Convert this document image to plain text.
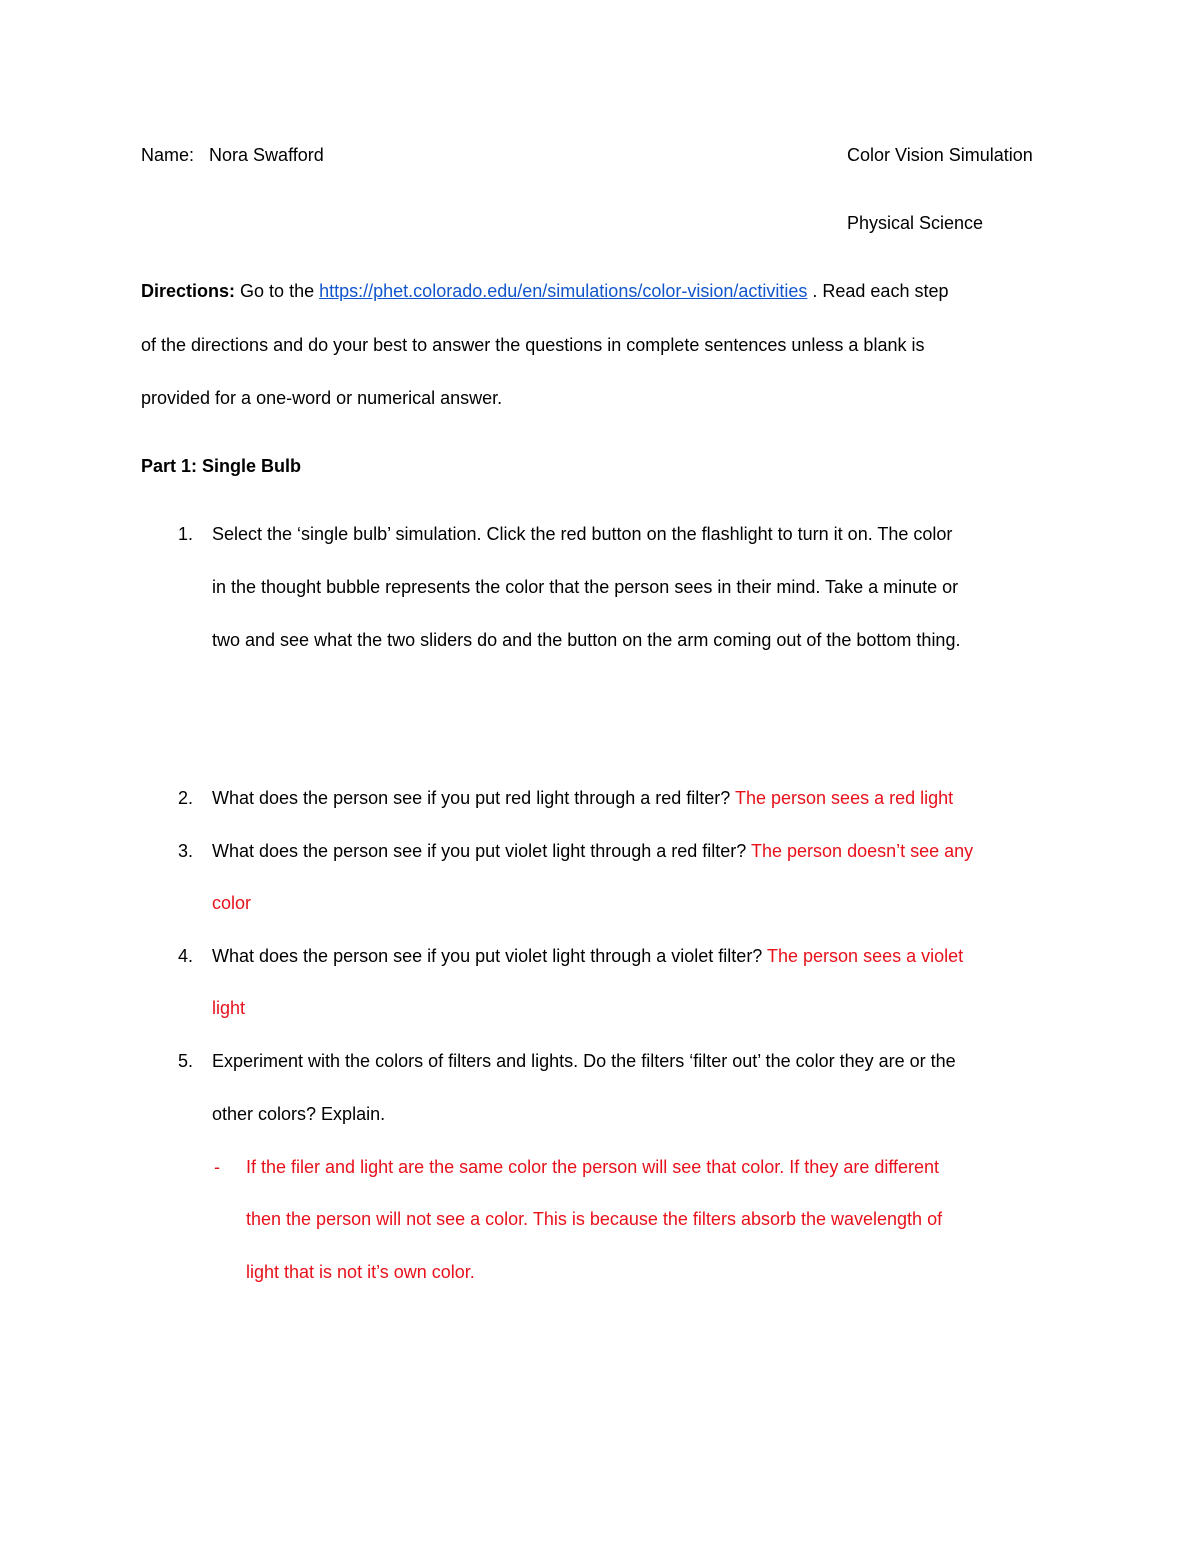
Name: Nora Swafford	Color Vision Simulation
Physical Science
Directions: Go to the https://phet.colorado.edu/en/simulations/color-vision/activities . Read each step
of the directions and do your best to answer the questions in complete sentences unless a blank is
provided for a one-word or numerical answer.
Part 1: Single Bulb
1. Select the ‘single bulb’ simulation. Click the red button on the flashlight to turn it on. The color
in the thought bubble represents the color that the person sees in their mind. Take a minute or
two and see what the two sliders do and the button on the arm coming out of the bottom thing.
2. What does the person see if you put red light through a red filter? The person sees a red light
3. What does the person see if you put violet light through a red filter? The person doesn’t see any
color
4. What does the person see if you put violet light through a violet filter? The person sees a violet
light
5. Experiment with the colors of filters and lights. Do the filters ‘filter out’ the color they are or the
other colors? Explain.
- If the filer and light are the same color the person will see that color. If they are different
then the person will not see a color. This is because the filters absorb the wavelength of
light that is not it’s own color.
